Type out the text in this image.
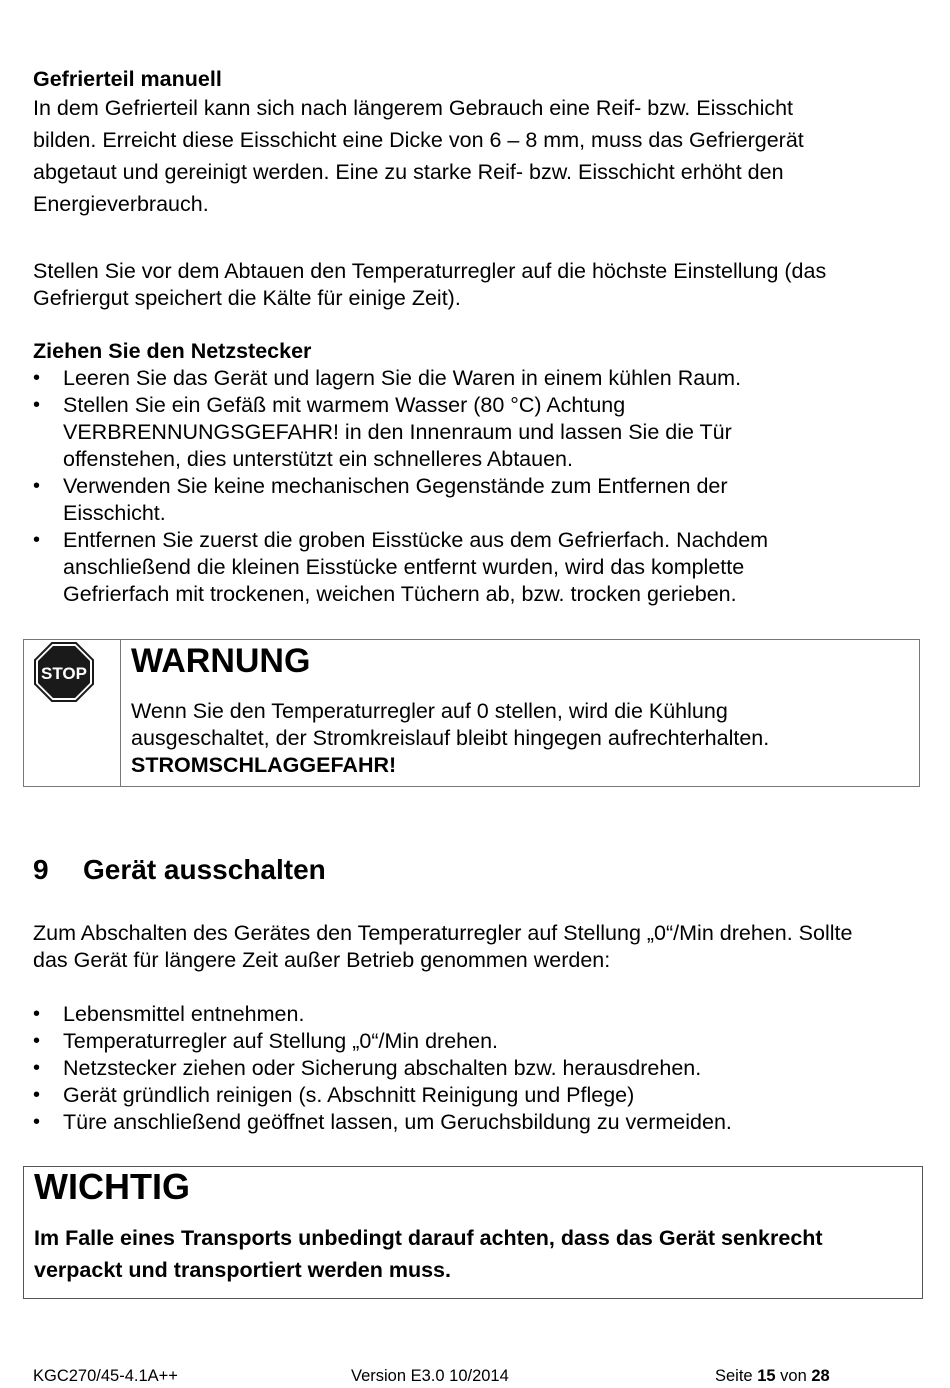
Gefrierteil manuell
In dem Gefrierteil kann sich nach längerem Gebrauch eine Reif- bzw. Eisschicht
bilden. Erreicht diese Eisschicht eine Dicke von 6 – 8 mm, muss das Gefriergerät
abgetaut und gereinigt werden. Eine zu starke Reif- bzw. Eisschicht erhöht den
Energieverbrauch.
Stellen Sie vor dem Abtauen den Temperaturregler auf die höchste Einstellung (das
Gefriergut speichert die Kälte für einige Zeit).
Ziehen Sie den Netzstecker
• Leeren Sie das Gerät und lagern Sie die Waren in einem kühlen Raum.
• Stellen Sie ein Gefäß mit warmem Wasser (80 °C) Achtung
VERBRENNUNGSGEFAHR! in den Innenraum und lassen Sie die Tür
offenstehen, dies unterstützt ein schnelleres Abtauen.
• Verwenden Sie keine mechanischen Gegenstände zum Entfernen der
Eisschicht.
• Entfernen Sie zuerst die groben Eisstücke aus dem Gefrierfach. Nachdem
anschließend die kleinen Eisstücke entfernt wurden, wird das komplette
Gefrierfach mit trockenen, weichen Tüchern ab, bzw. trocken gerieben.
STOP WARNUNG
Wenn Sie den Temperaturregler auf 0 stellen, wird die Kühlung
ausgeschaltet, der Stromkreislauf bleibt hingegen aufrechterhalten.
STROMSCHLAGGEFAHR!
9 Gerät ausschalten
Zum Abschalten des Gerätes den Temperaturregler auf Stellung „0“/Min drehen. Sollte
das Gerät für längere Zeit außer Betrieb genommen werden:
• Lebensmittel entnehmen.
• Temperaturregler auf Stellung „0“/Min drehen.
• Netzstecker ziehen oder Sicherung abschalten bzw. herausdrehen.
• Gerät gründlich reinigen (s. Abschnitt Reinigung und Pflege)
• Türe anschließend geöffnet lassen, um Geruchsbildung zu vermeiden.
WICHTIG
Im Falle eines Transports unbedingt darauf achten, dass das Gerät senkrecht
verpackt und transportiert werden muss.
KGC270/45-4.1A++	Version E3.0 10/2014	Seite 15 von 28
